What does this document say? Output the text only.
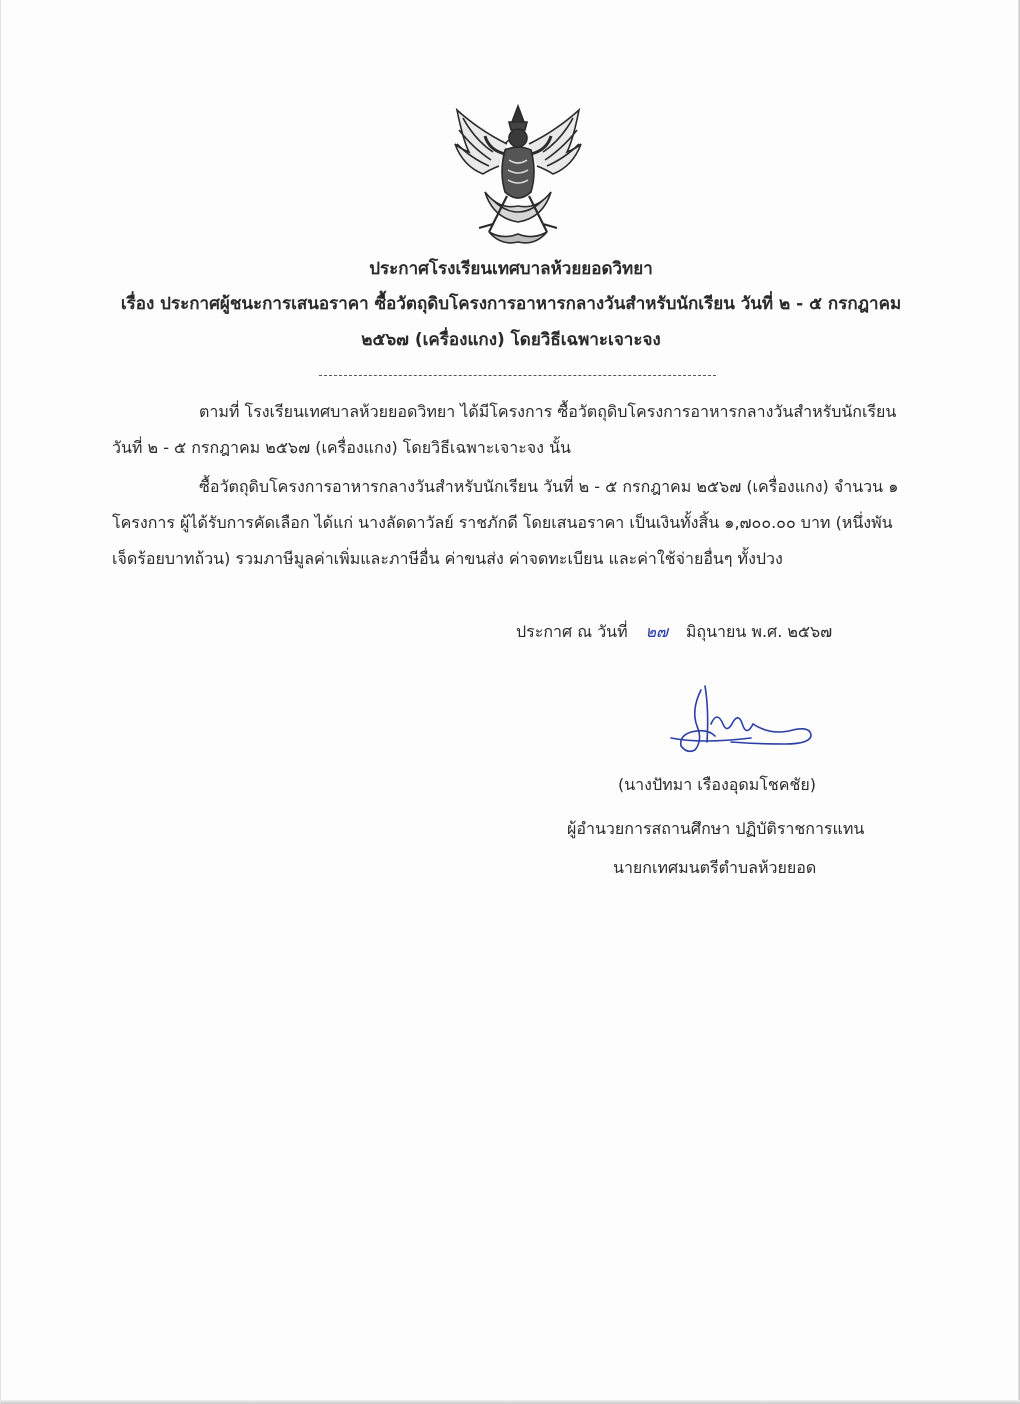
ประกาศโรงเรียนเทศบาลห้วยยอดวิทยา
เรื่อง ประกาศผู้ชนะการเสนอราคา ซื้อวัตถุดิบโครงการอาหารกลางวันสำหรับนักเรียน วันที่ ๒ - ๕ กรกฎาคม
๒๕๖๗ (เครื่องแกง) โดยวิธีเฉพาะเจาะจง
ตามที่ โรงเรียนเทศบาลห้วยยอดวิทยา ได้มีโครงการ ซื้อวัตถุดิบโครงการอาหารกลางวันสำหรับนักเรียน
วันที่ ๒ - ๕ กรกฎาคม ๒๕๖๗ (เครื่องแกง) โดยวิธีเฉพาะเจาะจง นั้น
ซื้อวัตถุดิบโครงการอาหารกลางวันสำหรับนักเรียน วันที่ ๒ - ๕ กรกฎาคม ๒๕๖๗ (เครื่องแกง) จำนวน ๑
โครงการ ผู้ได้รับการคัดเลือก ได้แก่ นางลัดดาวัลย์ ราชภักดี โดยเสนอราคา เป็นเงินทั้งสิ้น ๑,๗๐๐.๐๐ บาท (หนึ่งพัน
เจ็ดร้อยบาทถ้วน) รวมภาษีมูลค่าเพิ่มและภาษีอื่น ค่าขนส่ง ค่าจดทะเบียน และค่าใช้จ่ายอื่นๆ ทั้งปวง
ประกาศ ณ วันที่ ๒๗ มิถุนายน พ.ศ. ๒๕๖๗
(นางปัทมา เรืองอุดมโชคชัย)
ผู้อำนวยการสถานศึกษา ปฏิบัติราชการแทน
นายกเทศมนตรีตำบลห้วยยอด
